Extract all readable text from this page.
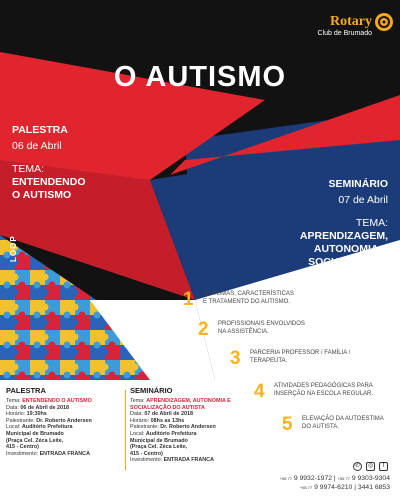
Rotary
Club de Brumado
O AUTISMO
PALESTRA
06 de Abril
TEMA:
ENTENDENDO
O AUTISMO
SEMINÁRIO
07 de Abril
TEMA:
APRENDIZAGEM,
AUTONOMIA E
SOCIALIZAÇÃO
DO AUTISTA
LOOP
1 SINTOMAS, CARACTERÍSTICAS
E TRATAMENTO DO AUTISMO.
2 PROFISSIONAIS ENVOLVIDOS
NA ASSISTÊNCIA.
3 PARCERIA PROFESSOR / FAMÍLIA /
TERAPEUTA.
4 ATIVIDADES PEDAGÓGICAS PARA
INSERÇÃO NA ESCOLA REGULAR.
5 ELEVAÇÃO DA AUTOESTIMA
DO AUTISTA.
PALESTRA
Tema: ENTENDENDO O AUTISMO
Data: 06 de Abril de 2018
Horário: 19:30hs
Palestrante: Dr. Roberto Andersen
Local: Auditório Prefeitura
Municipal de Brumado
(Praça Cel. Zéca Leite,
415 - Centro)
Investimento: ENTRADA FRANCA
SEMINÁRIO
Tema: APRENDIZAGEM, AUTONOMIA E
SOCIALIZAÇÃO DO AUTISTA
Data: 07 de Abril de 2018
Horário: 08hs as 13hs
Palestrante: Dr. Roberto Andersen
Local: Auditório Prefeitura
Municipal de Brumado
(Praça Cel. Zéca Leite,
415 - Centro)
Investimento: ENTRADA FRANCA
✆	◎	f
+55 77 9 9932-1972 | +55 77 9 9303-9304
+55 77 9 9974-6210 | 3441 6853
